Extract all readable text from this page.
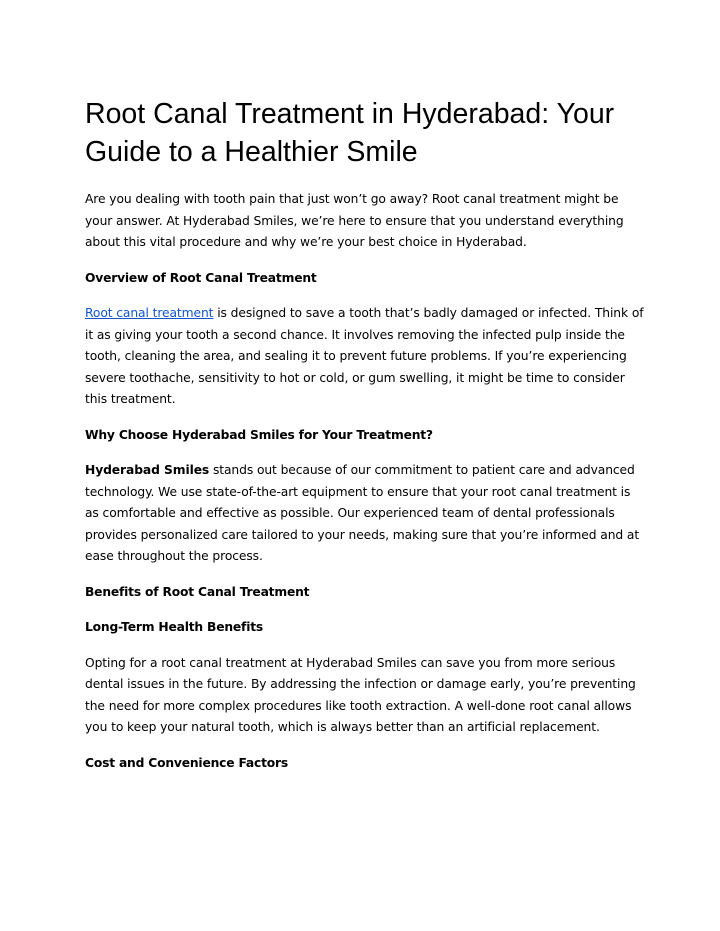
Root Canal Treatment in Hyderabad: Your Guide to a Healthier Smile

Are you dealing with tooth pain that just won’t go away? Root canal treatment might be your answer. At Hyderabad Smiles, we’re here to ensure that you understand everything about this vital procedure and why we’re your best choice in Hyderabad.

Overview of Root Canal Treatment

Root canal treatment is designed to save a tooth that’s badly damaged or infected. Think of it as giving your tooth a second chance. It involves removing the infected pulp inside the tooth, cleaning the area, and sealing it to prevent future problems. If you’re experiencing severe toothache, sensitivity to hot or cold, or gum swelling, it might be time to consider this treatment.

Why Choose Hyderabad Smiles for Your Treatment?

Hyderabad Smiles stands out because of our commitment to patient care and advanced technology. We use state-of-the-art equipment to ensure that your root canal treatment is as comfortable and effective as possible. Our experienced team of dental professionals provides personalized care tailored to your needs, making sure that you’re informed and at ease throughout the process.

Benefits of Root Canal Treatment

Long-Term Health Benefits

Opting for a root canal treatment at Hyderabad Smiles can save you from more serious dental issues in the future. By addressing the infection or damage early, you’re preventing the need for more complex procedures like tooth extraction. A well-done root canal allows you to keep your natural tooth, which is always better than an artificial replacement.

Cost and Convenience Factors
